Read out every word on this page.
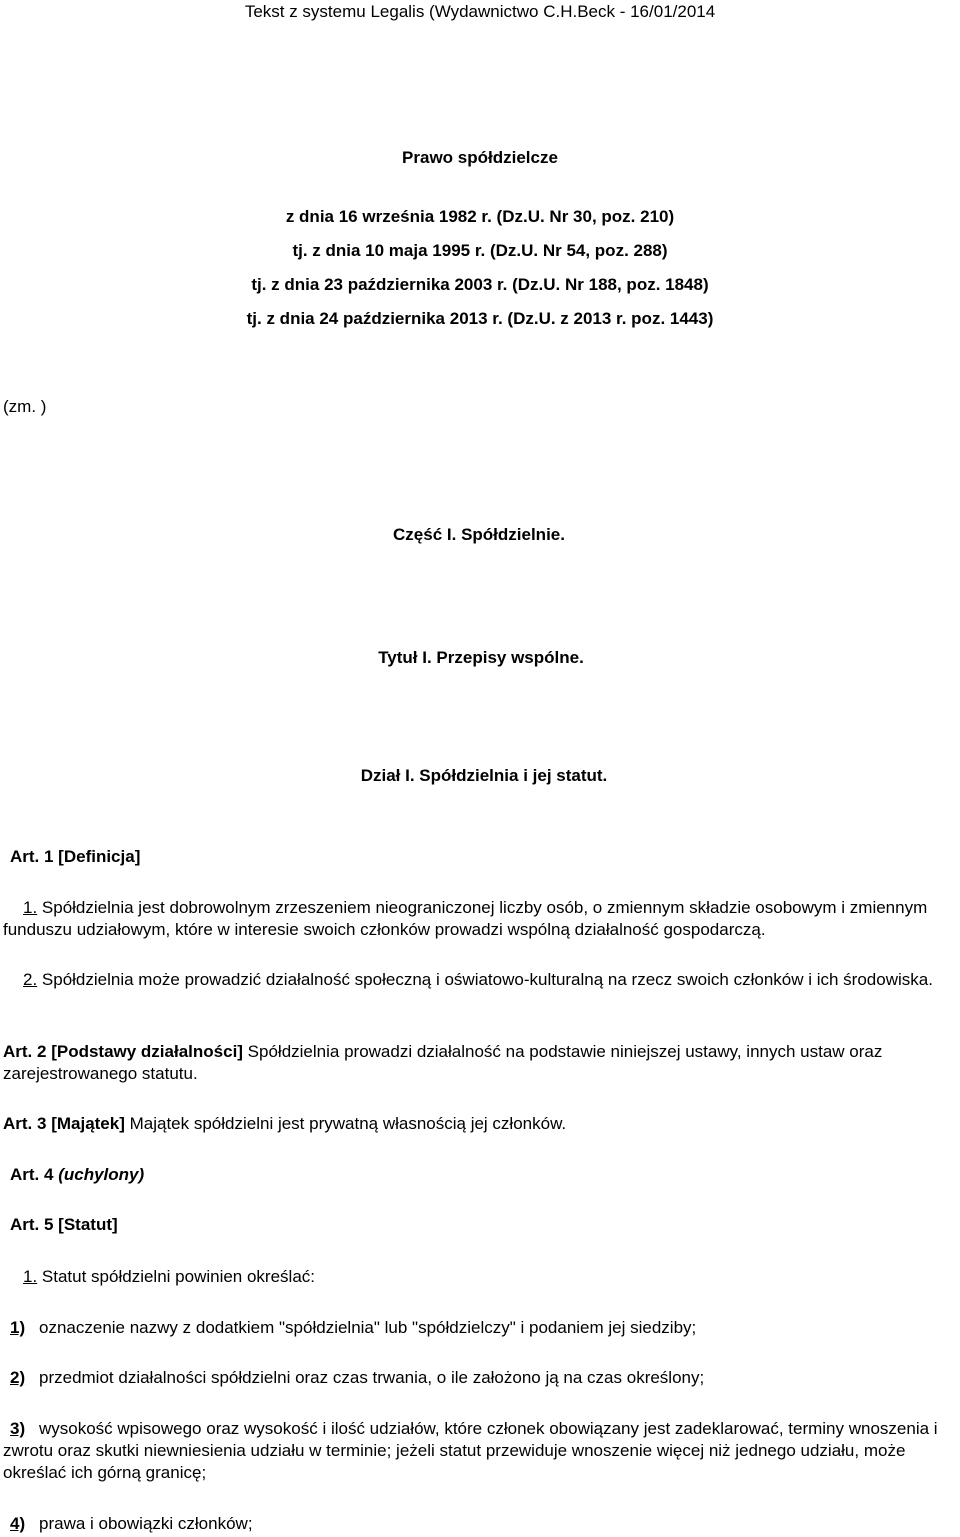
Tekst z systemu Legalis (Wydawnictwo C.H.Beck - 16/01/2014
Prawo spółdzielcze
z dnia 16 września 1982 r. (Dz.U. Nr 30, poz. 210)
tj. z dnia 10 maja 1995 r. (Dz.U. Nr 54, poz. 288)
tj. z dnia 23 października 2003 r. (Dz.U. Nr 188, poz. 1848)
tj. z dnia 24 października 2013 r. (Dz.U. z 2013 r. poz. 1443)
(zm. )
Część I. Spółdzielnie.
Tytuł I. Przepisy wspólne.
Dział I. Spółdzielnia i jej statut.
Art. 1 [Definicja]
1. Spółdzielnia jest dobrowolnym zrzeszeniem nieograniczonej liczby osób, o zmiennym składzie osobowym i zmiennym funduszu udziałowym, które w interesie swoich członków prowadzi wspólną działalność gospodarczą.
2. Spółdzielnia może prowadzić działalność społeczną i oświatowo-kulturalną na rzecz swoich członków i ich środowiska.
Art. 2 [Podstawy działalności] Spółdzielnia prowadzi działalność na podstawie niniejszej ustawy, innych ustaw oraz zarejestrowanego statutu.
Art. 3 [Majątek] Majątek spółdzielni jest prywatną własnością jej członków.
Art. 4 (uchylony)
Art. 5 [Statut]
1. Statut spółdzielni powinien określać:
1) oznaczenie nazwy z dodatkiem "spółdzielnia" lub "spółdzielczy" i podaniem jej siedziby;
2) przedmiot działalności spółdzielni oraz czas trwania, o ile założono ją na czas określony;
3) wysokość wpisowego oraz wysokość i ilość udziałów, które członek obowiązany jest zadeklarować, terminy wnoszenia i zwrotu oraz skutki niewniesienia udziału w terminie; jeżeli statut przewiduje wnoszenie więcej niż jednego udziału, może określać ich górną granicę;
4) prawa i obowiązki członków;
